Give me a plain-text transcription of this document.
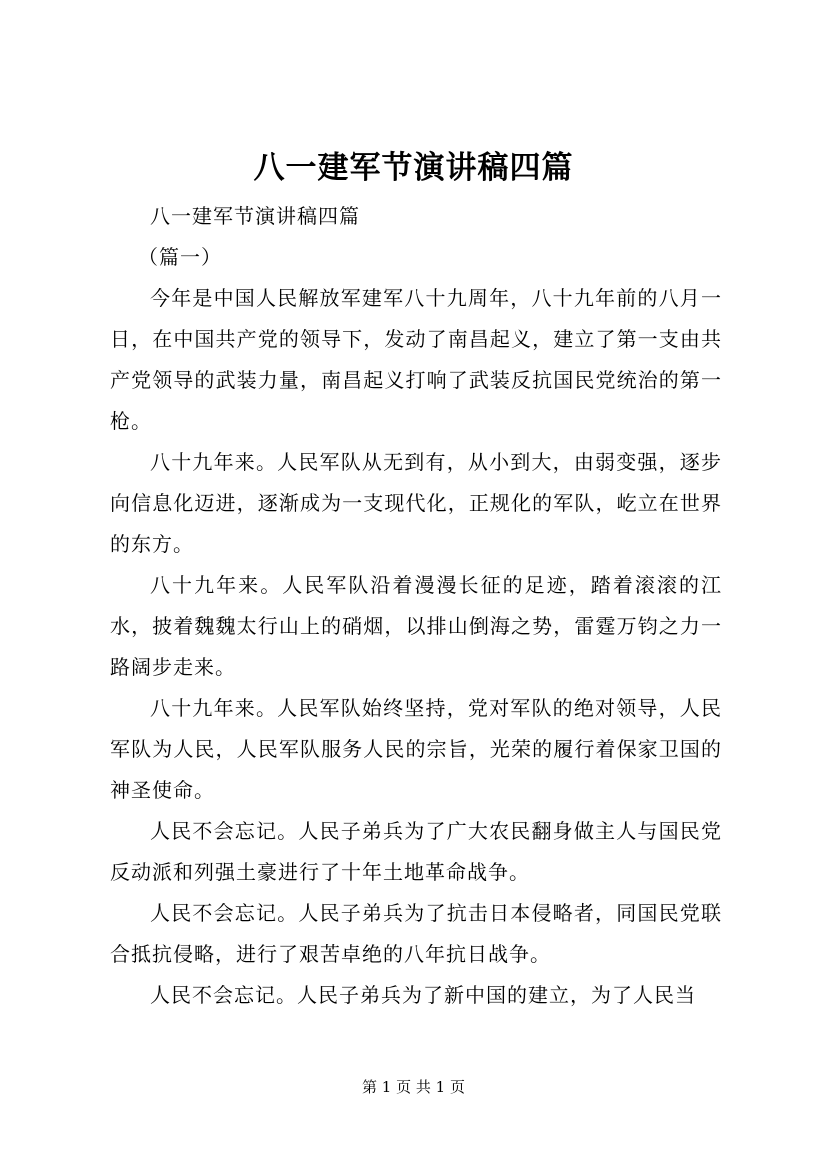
八一建军节演讲稿四篇

八一建军节演讲稿四篇

（篇一）

今年是中国人民解放军建军八十九周年，八十九年前的八月一日，在中国共产党的领导下，发动了南昌起义，建立了第一支由共产党领导的武装力量，南昌起义打响了武装反抗国民党统治的第一枪。

八十九年来。人民军队从无到有，从小到大，由弱变强，逐步向信息化迈进，逐渐成为一支现代化，正规化的军队，屹立在世界的东方。

八十九年来。人民军队沿着漫漫长征的足迹，踏着滚滚的江水，披着魏魏太行山上的硝烟，以排山倒海之势，雷霆万钧之力一路阔步走来。

八十九年来。人民军队始终坚持，党对军队的绝对领导，人民军队为人民，人民军队服务人民的宗旨，光荣的履行着保家卫国的神圣使命。

人民不会忘记。人民子弟兵为了广大农民翻身做主人与国民党反动派和列强土豪进行了十年土地革命战争。

人民不会忘记。人民子弟兵为了抗击日本侵略者，同国民党联合抵抗侵略，进行了艰苦卓绝的八年抗日战争。

人民不会忘记。人民子弟兵为了新中国的建立，为了人民当

第 1 页 共 1 页
